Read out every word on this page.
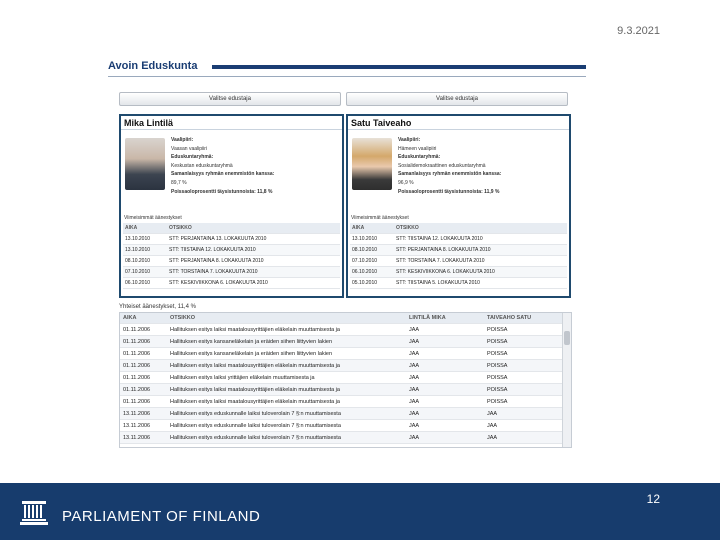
9.3.2021
Avoin Eduskunta
Valitse edustaja	Valitse edustaja
Mika Lintilä
Vaalipiiri:
Vaasan vaalipiiri
Eduskuntaryhmä:
Keskustan eduskuntaryhmä
Samanlaisyys ryhmän enemmistön kanssa:
89,7 %
Poissaoloprosentti täysistunnoista: 11,8 %
Viimeisimmät äänestykset
AIKA	OTSIKKO
13.10.2010	STT: PERJANTAINA 13. LOKAKUUTA 2010
13.10.2010	STT: TIISTAINA 12. LOKAKUUTA 2010
08.10.2010	STT: PERJANTAINA 8. LOKAKUUTA 2010
07.10.2010	STT: TORSTAINA 7. LOKAKUUTA 2010
06.10.2010	STT: KESKIVIIKKONA 6. LOKAKUUTA 2010
Satu Taiveaho
Vaalipiiri:
Hämeen vaalipiiri
Eduskuntaryhmä:
Sosialidemokraattinen eduskuntaryhmä
Samanlaisyys ryhmän enemmistön kanssa:
96,9 %
Poissaoloprosentti täysistunnoista: 11,9 %
Viimeisimmät äänestykset
AIKA	OTSIKKO
13.10.2010	STT: TIISTAINA 12. LOKAKUUTA 2010
08.10.2010	STT: PERJANTAINA 8. LOKAKUUTA 2010
07.10.2010	STT: TORSTAINA 7. LOKAKUUTA 2010
06.10.2010	STT: KESKIVIIKKONA 6. LOKAKUUTA 2010
05.10.2010	STT: TIISTAINA 5. LOKAKUUTA 2010
Yhteiset äänestykset, 11,4 %
AIKA	OTSIKKO	LINTILÄ MIKA	TAIVEAHO SATU
01.11.2006	Hallituksen esitys laiksi maatalousyrittäjien eläkelain muuttamisesta ja	JAA	POISSA
01.11.2006	Hallituksen esitys kansaneläkelain ja eräiden siihen liittyvien lakien	JAA	POISSA
01.11.2006	Hallituksen esitys kansaneläkelain ja eräiden siihen liittyvien lakien	JAA	POISSA
01.11.2006	Hallituksen esitys laiksi maatalousyrittäjien eläkelain muuttamisesta ja	JAA	POISSA
01.11.2006	Hallituksen esitys laiksi yrittäjien eläkelain muuttamisesta ja	JAA	POISSA
01.11.2006	Hallituksen esitys laiksi maatalousyrittäjien eläkelain muuttamisesta ja	JAA	POISSA
01.11.2006	Hallituksen esitys laiksi maatalousyrittäjien eläkelain muuttamisesta ja	JAA	POISSA
13.11.2006	Hallituksen esitys eduskunnalle laiksi tuloverolain 7 §:n muuttamisesta	JAA	JAA
13.11.2006	Hallituksen esitys eduskunnalle laiksi tuloverolain 7 §:n muuttamisesta	JAA	JAA
13.11.2006	Hallituksen esitys eduskunnalle laiksi tuloverolain 7 §:n muuttamisesta	JAA	JAA
PARLIAMENT OF FINLAND
12
